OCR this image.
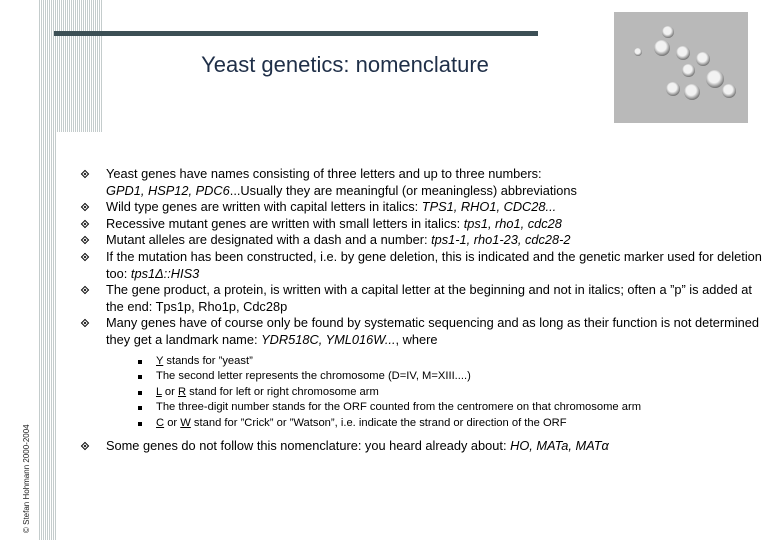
© Stefan Hohmann 2000-2004
Yeast genetics: nomenclature
Yeast genes have names consisting of three letters and up to three numbers:
GPD1, HSP12, PDC6...Usually they are meaningful (or meaningless) abbreviations
Wild type genes are written with capital letters in italics: TPS1, RHO1, CDC28...
Recessive mutant genes are written with small letters in italics: tps1, rho1, cdc28
Mutant alleles are designated with a dash and a number: tps1-1, rho1-23, cdc28-2
If the mutation has been constructed, i.e. by gene deletion, this is indicated and the genetic marker used for deletion too: tps1Δ::HIS3
The gene product, a protein, is written with a capital letter at the beginning and not in italics; often a ”p” is added at the end: Tps1p, Rho1p, Cdc28p
Many genes have of course only be found by systematic sequencing and as long as their function is not determined they get a landmark name: YDR518C, YML016W..., where
Y stands for ”yeast”
The second letter represents the chromosome (D=IV, M=XIII....)
L or R stand for left or right chromosome arm
The three-digit number stands for the ORF counted from the centromere on that chromosome arm
C or W stand for ”Crick” or ”Watson”, i.e. indicate the strand or direction of the ORF
Some genes do not follow this nomenclature: you heard already about: HO, MATa, MATα
